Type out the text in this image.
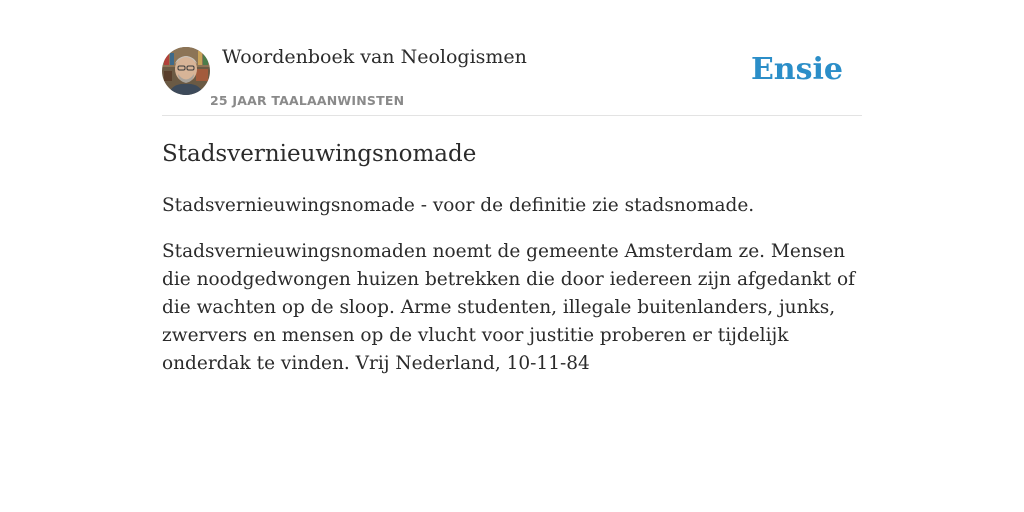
Woordenboek van Neologismen
25 JAAR TAALAANWINSTEN
Ensie
Stadsvernieuwingsnomade

Stadsvernieuwingsnomade - voor de definitie zie stadsnomade.

Stadsvernieuwingsnomaden noemt de gemeente Amsterdam ze. Mensen die noodgedwongen huizen betrekken die door iedereen zijn afgedankt of die wachten op de sloop. Arme studenten, illegale buitenlanders, junks, zwervers en mensen op de vlucht voor justitie proberen er tijdelijk onderdak te vinden. Vrij Nederland, 10-11-84
